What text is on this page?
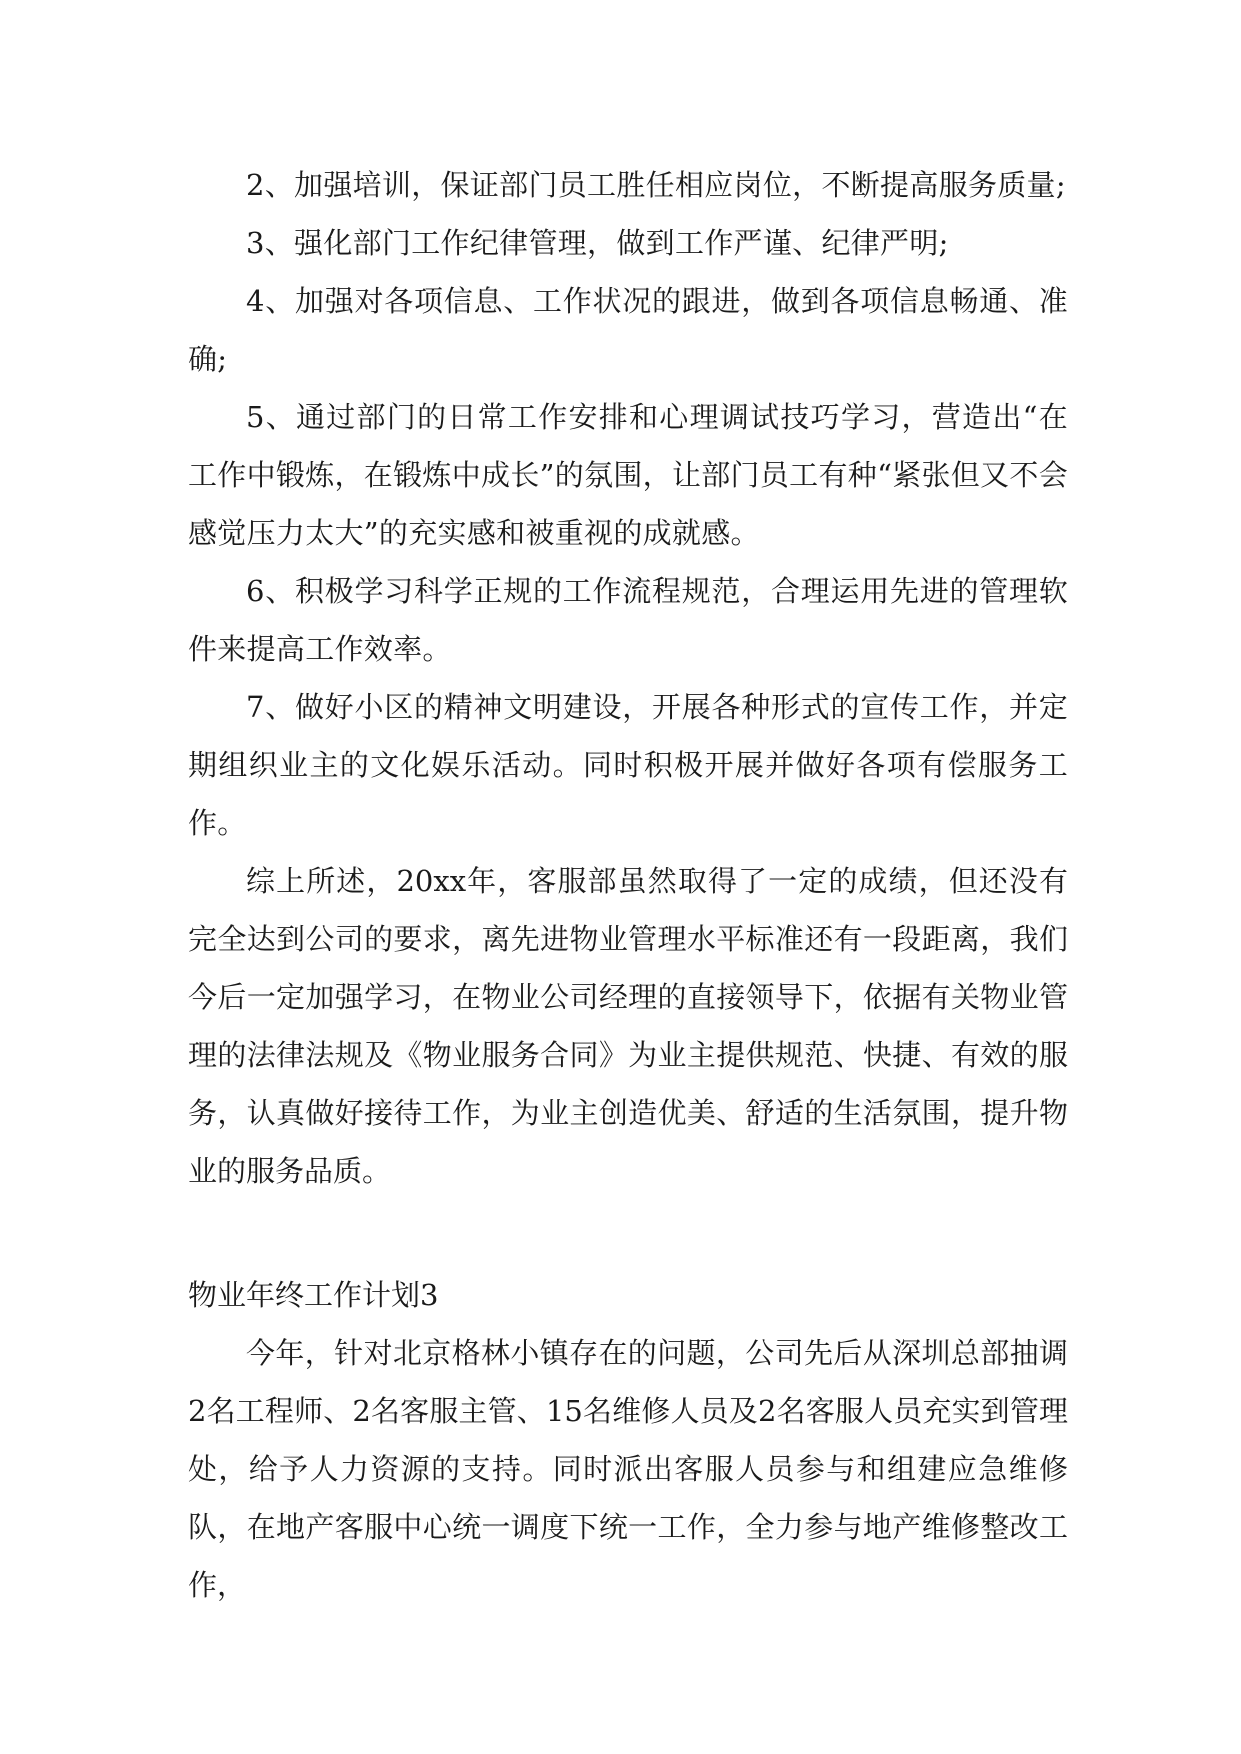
2、加强培训，保证部门员工胜任相应岗位，不断提高服务质量;

3、强化部门工作纪律管理，做到工作严谨、纪律严明;

4、加强对各项信息、工作状况的跟进，做到各项信息畅通、准确;

5、通过部门的日常工作安排和心理调试技巧学习，营造出“在工作中锻炼，在锻炼中成长”的氛围，让部门员工有种“紧张但又不会感觉压力太大”的充实感和被重视的成就感。

6、积极学习科学正规的工作流程规范，合理运用先进的管理软件来提高工作效率。

7、做好小区的精神文明建设，开展各种形式的宣传工作，并定期组织业主的文化娱乐活动。同时积极开展并做好各项有偿服务工作。

综上所述，20xx年，客服部虽然取得了一定的成绩，但还没有完全达到公司的要求，离先进物业管理水平标准还有一段距离，我们今后一定加强学习，在物业公司经理的直接领导下，依据有关物业管理的法律法规及《物业服务合同》为业主提供规范、快捷、有效的服务，认真做好接待工作，为业主创造优美、舒适的生活氛围，提升物业的服务品质。

物业年终工作计划3

今年，针对北京格林小镇存在的问题，公司先后从深圳总部抽调2名工程师、2名客服主管、15名维修人员及2名客服人员充实到管理处，给予人力资源的支持。同时派出客服人员参与和组建应急维修队，在地产客服中心统一调度下统一工作，全力参与地产维修整改工作，
